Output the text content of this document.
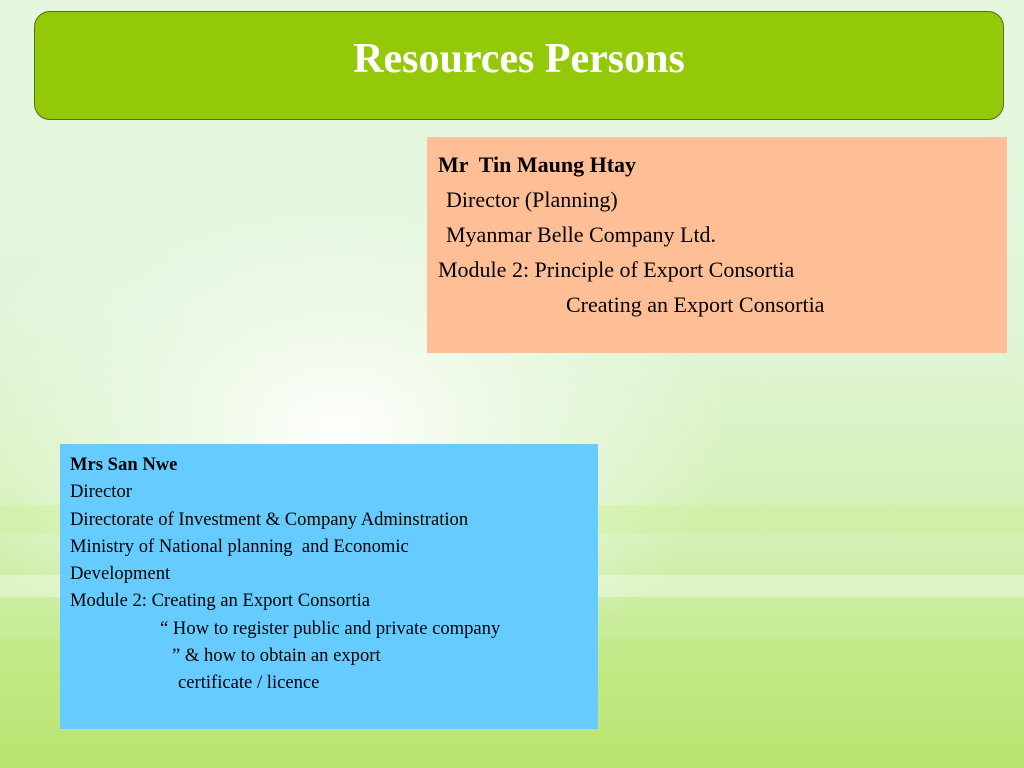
Resources Persons
Mr  Tin Maung Htay
Director (Planning)
Myanmar Belle Company Ltd.
Module 2: Principle of Export Consortia
Creating an Export Consortia
Mrs San Nwe
Director
Directorate of Investment & Company Adminstration
Ministry of National planning  and Economic
Development
Module 2: Creating an Export Consortia
“ How to register public and private company
” & how to obtain an export
certificate / licence
